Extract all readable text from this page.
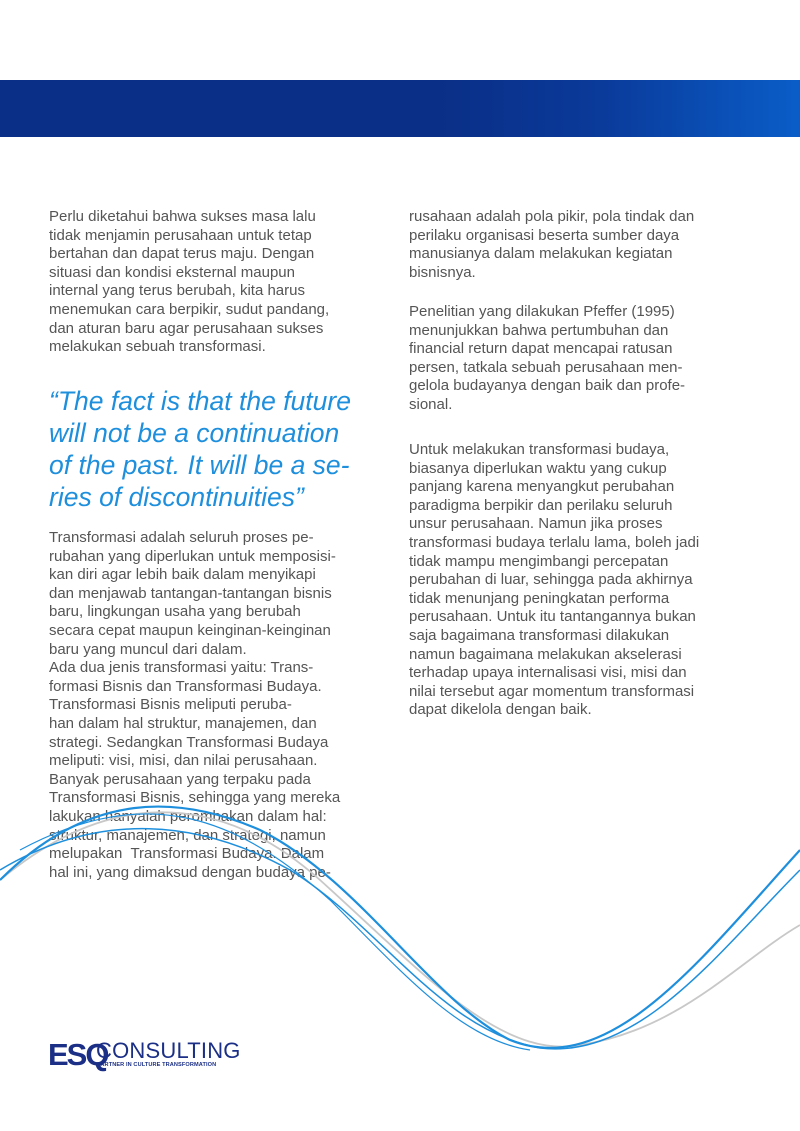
Perlu diketahui bahwa sukses masa lalu
tidak menjamin perusahaan untuk tetap
bertahan dan dapat terus maju. Dengan
situasi dan kondisi eksternal maupun
internal yang terus berubah, kita harus
menemukan cara berpikir, sudut pandang,
dan aturan baru agar perusahaan sukses
melakukan sebuah transformasi.
“The fact is that the future
will not be a continuation
of the past. It will be a se-
ries of discontinuities”
Transformasi adalah seluruh proses pe-
rubahan yang diperlukan untuk memposisi-
kan diri agar lebih baik dalam menyikapi
dan menjawab tantangan-tantangan bisnis
baru, lingkungan usaha yang berubah
secara cepat maupun keinginan-keinginan
baru yang muncul dari dalam.
Ada dua jenis transformasi yaitu: Trans-
formasi Bisnis dan Transformasi Budaya.
Transformasi Bisnis meliputi peruba-
han dalam hal struktur, manajemen, dan
strategi. Sedangkan Transformasi Budaya
meliputi: visi, misi, dan nilai perusahaan.
Banyak perusahaan yang terpaku pada
Transformasi Bisnis, sehingga yang mereka
lakukan hanyalah perombakan dalam hal:
struktur, manajemen, dan strategi, namun
melupakan  Transformasi Budaya. Dalam
hal ini, yang dimaksud dengan budaya pe-
rusahaan adalah pola pikir, pola tindak dan
perilaku organisasi beserta sumber daya
manusianya dalam melakukan kegiatan
bisnisnya.
Penelitian yang dilakukan Pfeffer (1995)
menunjukkan bahwa pertumbuhan dan
financial return dapat mencapai ratusan
persen, tatkala sebuah perusahaan men-
gelola budayanya dengan baik dan profe-
sional.
Untuk melakukan transformasi budaya,
biasanya diperlukan waktu yang cukup
panjang karena menyangkut perubahan
paradigma berpikir dan perilaku seluruh
unsur perusahaan. Namun jika proses
transformasi budaya terlalu lama, boleh jadi
tidak mampu mengimbangi percepatan
perubahan di luar, sehingga pada akhirnya
tidak menunjang peningkatan performa
perusahaan. Untuk itu tantangannya bukan
saja bagaimana transformasi dilakukan
namun bagaimana melakukan akselerasi
terhadap upaya internalisasi visi, misi dan
nilai tersebut agar momentum transformasi
dapat dikelola dengan baik.
ESQ
CONSULTING
PARTNER IN CULTURE TRANSFORMATION
